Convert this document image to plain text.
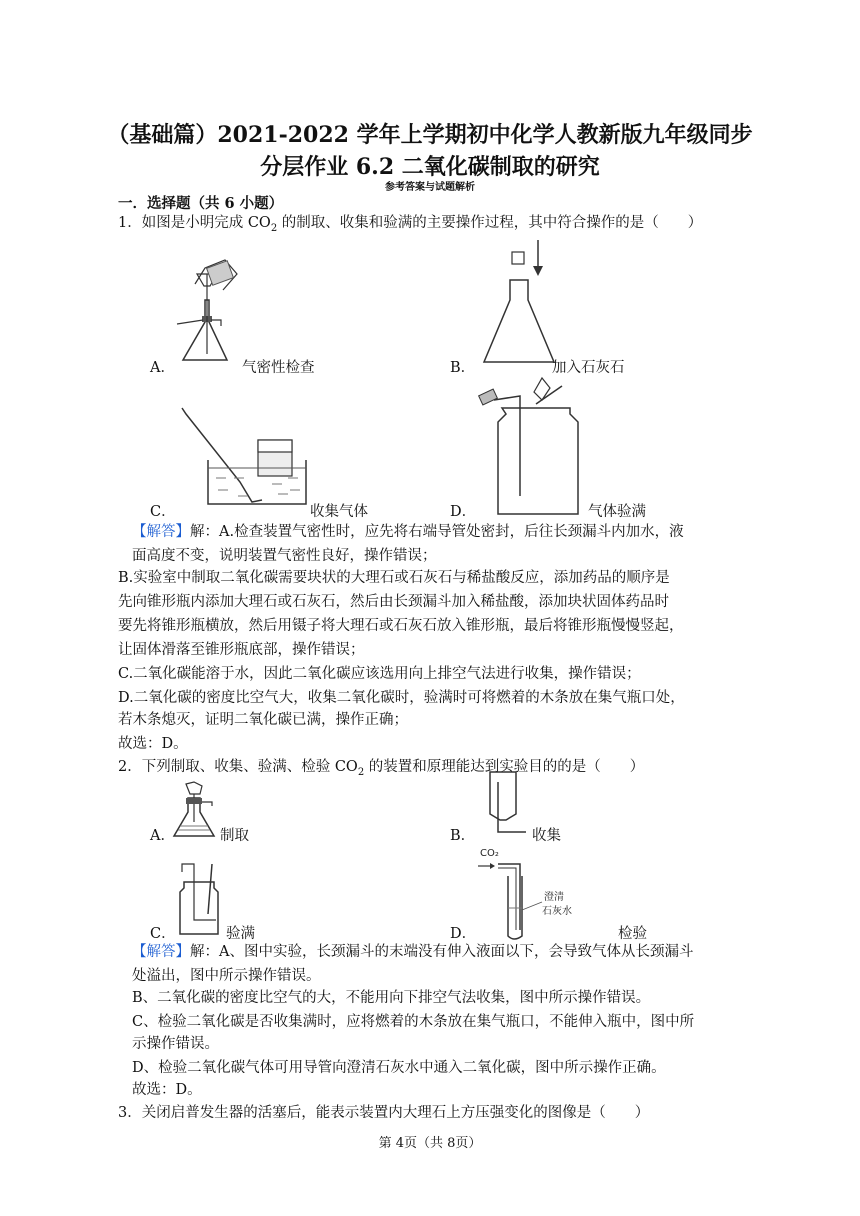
（基础篇）2021-2022 学年上学期初中化学人教新版九年级同步
分层作业 6.2 二氧化碳制取的研究
参考答案与试题解析
一．选择题（共 6 小题）
1．如图是小明完成 $CO_2$ 的制取、收集和验满的主要操作过程，其中符合操作的是（　　）
A．	气密性检查	B．	加入石灰石
C．	收集气体	D．	气体验满
【解答】解：A.检查装置气密性时，应先将右端导管处密封，后往长颈漏斗内加水，液
面高度不变，说明装置气密性良好，操作错误；
B.实验室中制取二氧化碳需要块状的大理石或石灰石与稀盐酸反应，添加药品的顺序是
先向锥形瓶内添加大理石或石灰石，然后由长颈漏斗加入稀盐酸，添加块状固体药品时
要先将锥形瓶横放，然后用镊子将大理石或石灰石放入锥形瓶，最后将锥形瓶慢慢竖起，
让固体滑落至锥形瓶底部，操作错误；
C.二氧化碳能溶于水，因此二氧化碳应该选用向上排空气法进行收集，操作错误；
D.二氧化碳的密度比空气大，收集二氧化碳时，验满时可将燃着的木条放在集气瓶口处，
若木条熄灭，证明二氧化碳已满，操作正确；
故选：D。
2．下列制取、收集、验满、检验 $CO_2$ 的装置和原理能达到实验目的的是（　　）
A．	制取	B．	收集
C．	验满
CO₂
澄清
石灰水
D．	检验
【解答】解：A、图中实验，长颈漏斗的末端没有伸入液面以下，会导致气体从长颈漏斗
处溢出，图中所示操作错误。
B、二氧化碳的密度比空气的大，不能用向下排空气法收集，图中所示操作错误。
C、检验二氧化碳是否收集满时，应将燃着的木条放在集气瓶口，不能伸入瓶中，图中所
示操作错误。
D、检验二氧化碳气体可用导管向澄清石灰水中通入二氧化碳，图中所示操作正确。
故选：D。
3．关闭启普发生器的活塞后，能表示装置内大理石上方压强变化的图像是（　　）
第 4页（共 8页）
